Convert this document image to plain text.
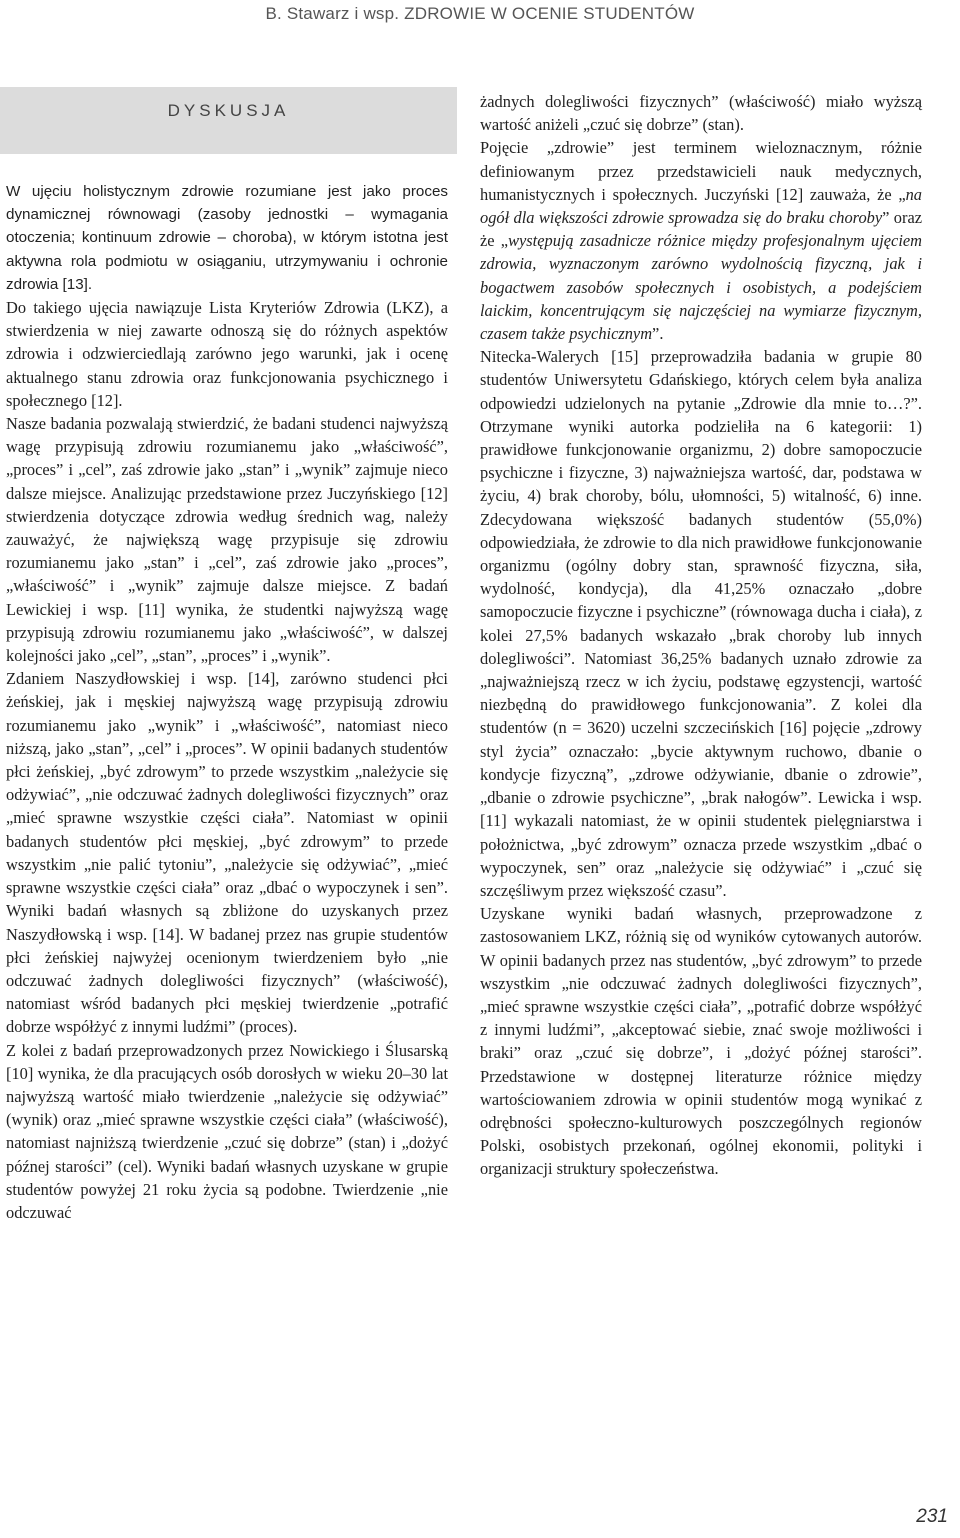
B. Stawarz i wsp. ZDROWIE W OCENIE STUDENTÓW
DYSKUSJA

W ujęciu holistycznym zdrowie rozumiane jest jako proces dynamicznej równowagi (zasoby jednostki – wymagania otoczenia; kontinuum zdrowie – choroba), w którym istotna jest aktywna rola podmiotu w osiąganiu, utrzymywaniu i ochronie zdrowia [13].

Do takiego ujęcia nawiązuje Lista Kryteriów Zdrowia (LKZ), a stwierdzenia w niej zawarte odnoszą się do różnych aspektów zdrowia i odzwierciedlają zarówno jego warunki, jak i ocenę aktualnego stanu zdrowia oraz funkcjonowania psychicznego i społecznego [12].

Nasze badania pozwalają stwierdzić, że badani studenci najwyższą wagę przypisują zdrowiu rozumianemu jako „właściwość”, „proces” i „cel”, zaś zdrowie jako „stan” i „wynik” zajmuje nieco dalsze miejsce. Analizując przedstawione przez Juczyńskiego [12] stwierdzenia dotyczące zdrowia według średnich wag, należy zauważyć, że największą wagę przypisuje się zdrowiu rozumianemu jako „stan” i „cel”, zaś zdrowie jako „proces”, „właściwość” i „wynik” zajmuje dalsze miejsce. Z badań Lewickiej i wsp. [11] wynika, że studentki najwyższą wagę przypisują zdrowiu rozumianemu jako „właściwość”, w dalszej kolejności jako „cel”, „stan”, „proces” i „wynik”.

Zdaniem Naszydłowskiej i wsp. [14], zarówno studenci płci żeńskiej, jak i męskiej najwyższą wagę przypisują zdrowiu rozumianemu jako „wynik” i „właściwość”, natomiast nieco niższą, jako „stan”, „cel” i „proces”. W opinii badanych studentów płci żeńskiej, „być zdrowym” to przede wszystkim „należycie się odżywiać”, „nie odczuwać żadnych dolegliwości fizycznych” oraz „mieć sprawne wszystkie części ciała”. Natomiast w opinii badanych studentów płci męskiej, „być zdrowym” to przede wszystkim „nie palić tytoniu”, „należycie się odżywiać”, „mieć sprawne wszystkie części ciała” oraz „dbać o wypoczynek i sen”. Wyniki badań własnych są zbliżone do uzyskanych przez Naszydłowską i wsp. [14]. W badanej przez nas grupie studentów płci żeńskiej najwyżej ocenionym twierdzeniem było „nie odczuwać żadnych dolegliwości fizycznych” (właściwość), natomiast wśród badanych płci męskiej twierdzenie „potrafić dobrze współżyć z innymi ludźmi” (proces).

Z kolei z badań przeprowadzonych przez Nowickiego i Ślusarską [10] wynika, że dla pracujących osób dorosłych w wieku 20–30 lat najwyższą wartość miało twierdzenie „należycie się odżywiać” (wynik) oraz „mieć sprawne wszystkie części ciała” (właściwość), natomiast najniższą twierdzenie „czuć się dobrze” (stan) i „dożyć późnej starości” (cel). Wyniki badań własnych uzyskane w grupie studentów powyżej 21 roku życia są podobne. Twierdzenie „nie odczuwać

żadnych dolegliwości fizycznych” (właściwość) miało wyższą wartość aniżeli „czuć się dobrze” (stan).

Pojęcie „zdrowie” jest terminem wieloznacznym, różnie definiowanym przez przedstawicieli nauk medycznych, humanistycznych i społecznych. Juczyński [12] zauważa, że „na ogół dla większości zdrowie sprowadza się do braku choroby” oraz że „występują zasadnicze różnice między profesjonalnym ujęciem zdrowia, wyznaczonym zarówno wydolnością fizyczną, jak i bogactwem zasobów społecznych i osobistych, a podejściem laickim, koncentrującym się najczęściej na wymiarze fizycznym, czasem także psychicznym”.

Nitecka-Walerych [15] przeprowadziła badania w grupie 80 studentów Uniwersytetu Gdańskiego, których celem była analiza odpowiedzi udzielonych na pytanie „Zdrowie dla mnie to…?”. Otrzymane wyniki autorka podzieliła na 6 kategorii: 1) prawidłowe funkcjonowanie organizmu, 2) dobre samopoczucie psychiczne i fizyczne, 3) najważniejsza wartość, dar, podstawa w życiu, 4) brak choroby, bólu, ułomności, 5) witalność, 6) inne. Zdecydowana większość badanych studentów (55,0%) odpowiedziała, że zdrowie to dla nich prawidłowe funkcjonowanie organizmu (ogólny dobry stan, sprawność fizyczna, siła, wydolność, kondycja), dla 41,25% oznaczało „dobre samopoczucie fizyczne i psychiczne” (równowaga ducha i ciała), z kolei 27,5% badanych wskazało „brak choroby lub innych dolegliwości”. Natomiast 36,25% badanych uznało zdrowie za „najważniejszą rzecz w ich życiu, podstawę egzystencji, wartość niezbędną do prawidłowego funkcjonowania”. Z kolei dla studentów (n = 3620) uczelni szczecińskich [16] pojęcie „zdrowy styl życia” oznaczało: „bycie aktywnym ruchowo, dbanie o kondycje fizyczną”, „zdrowe odżywianie, dbanie o zdrowie”, „dbanie o zdrowie psychiczne”, „brak nałogów”. Lewicka i wsp. [11] wykazali natomiast, że w opinii studentek pielęgniarstwa i położnictwa, „być zdrowym” oznacza przede wszystkim „dbać o wypoczynek, sen” oraz „należycie się odżywiać” i „czuć się szczęśliwym przez większość czasu”.

Uzyskane wyniki badań własnych, przeprowadzone z zastosowaniem LKZ, różnią się od wyników cytowanych autorów. W opinii badanych przez nas studentów, „być zdrowym” to przede wszystkim „nie odczuwać żadnych dolegliwości fizycznych”, „mieć sprawne wszystkie części ciała”, „potrafić dobrze współżyć z innymi ludźmi”, „akceptować siebie, znać swoje możliwości i braki” oraz „czuć się dobrze”, i „dożyć późnej starości”. Przedstawione w dostępnej literaturze różnice między wartościowaniem zdrowia w opinii studentów mogą wynikać z odrębności społeczno-kulturowych poszczególnych regionów Polski, osobistych przekonań, ogólnej ekonomii, polityki i organizacji struktury społeczeństwa.

231
